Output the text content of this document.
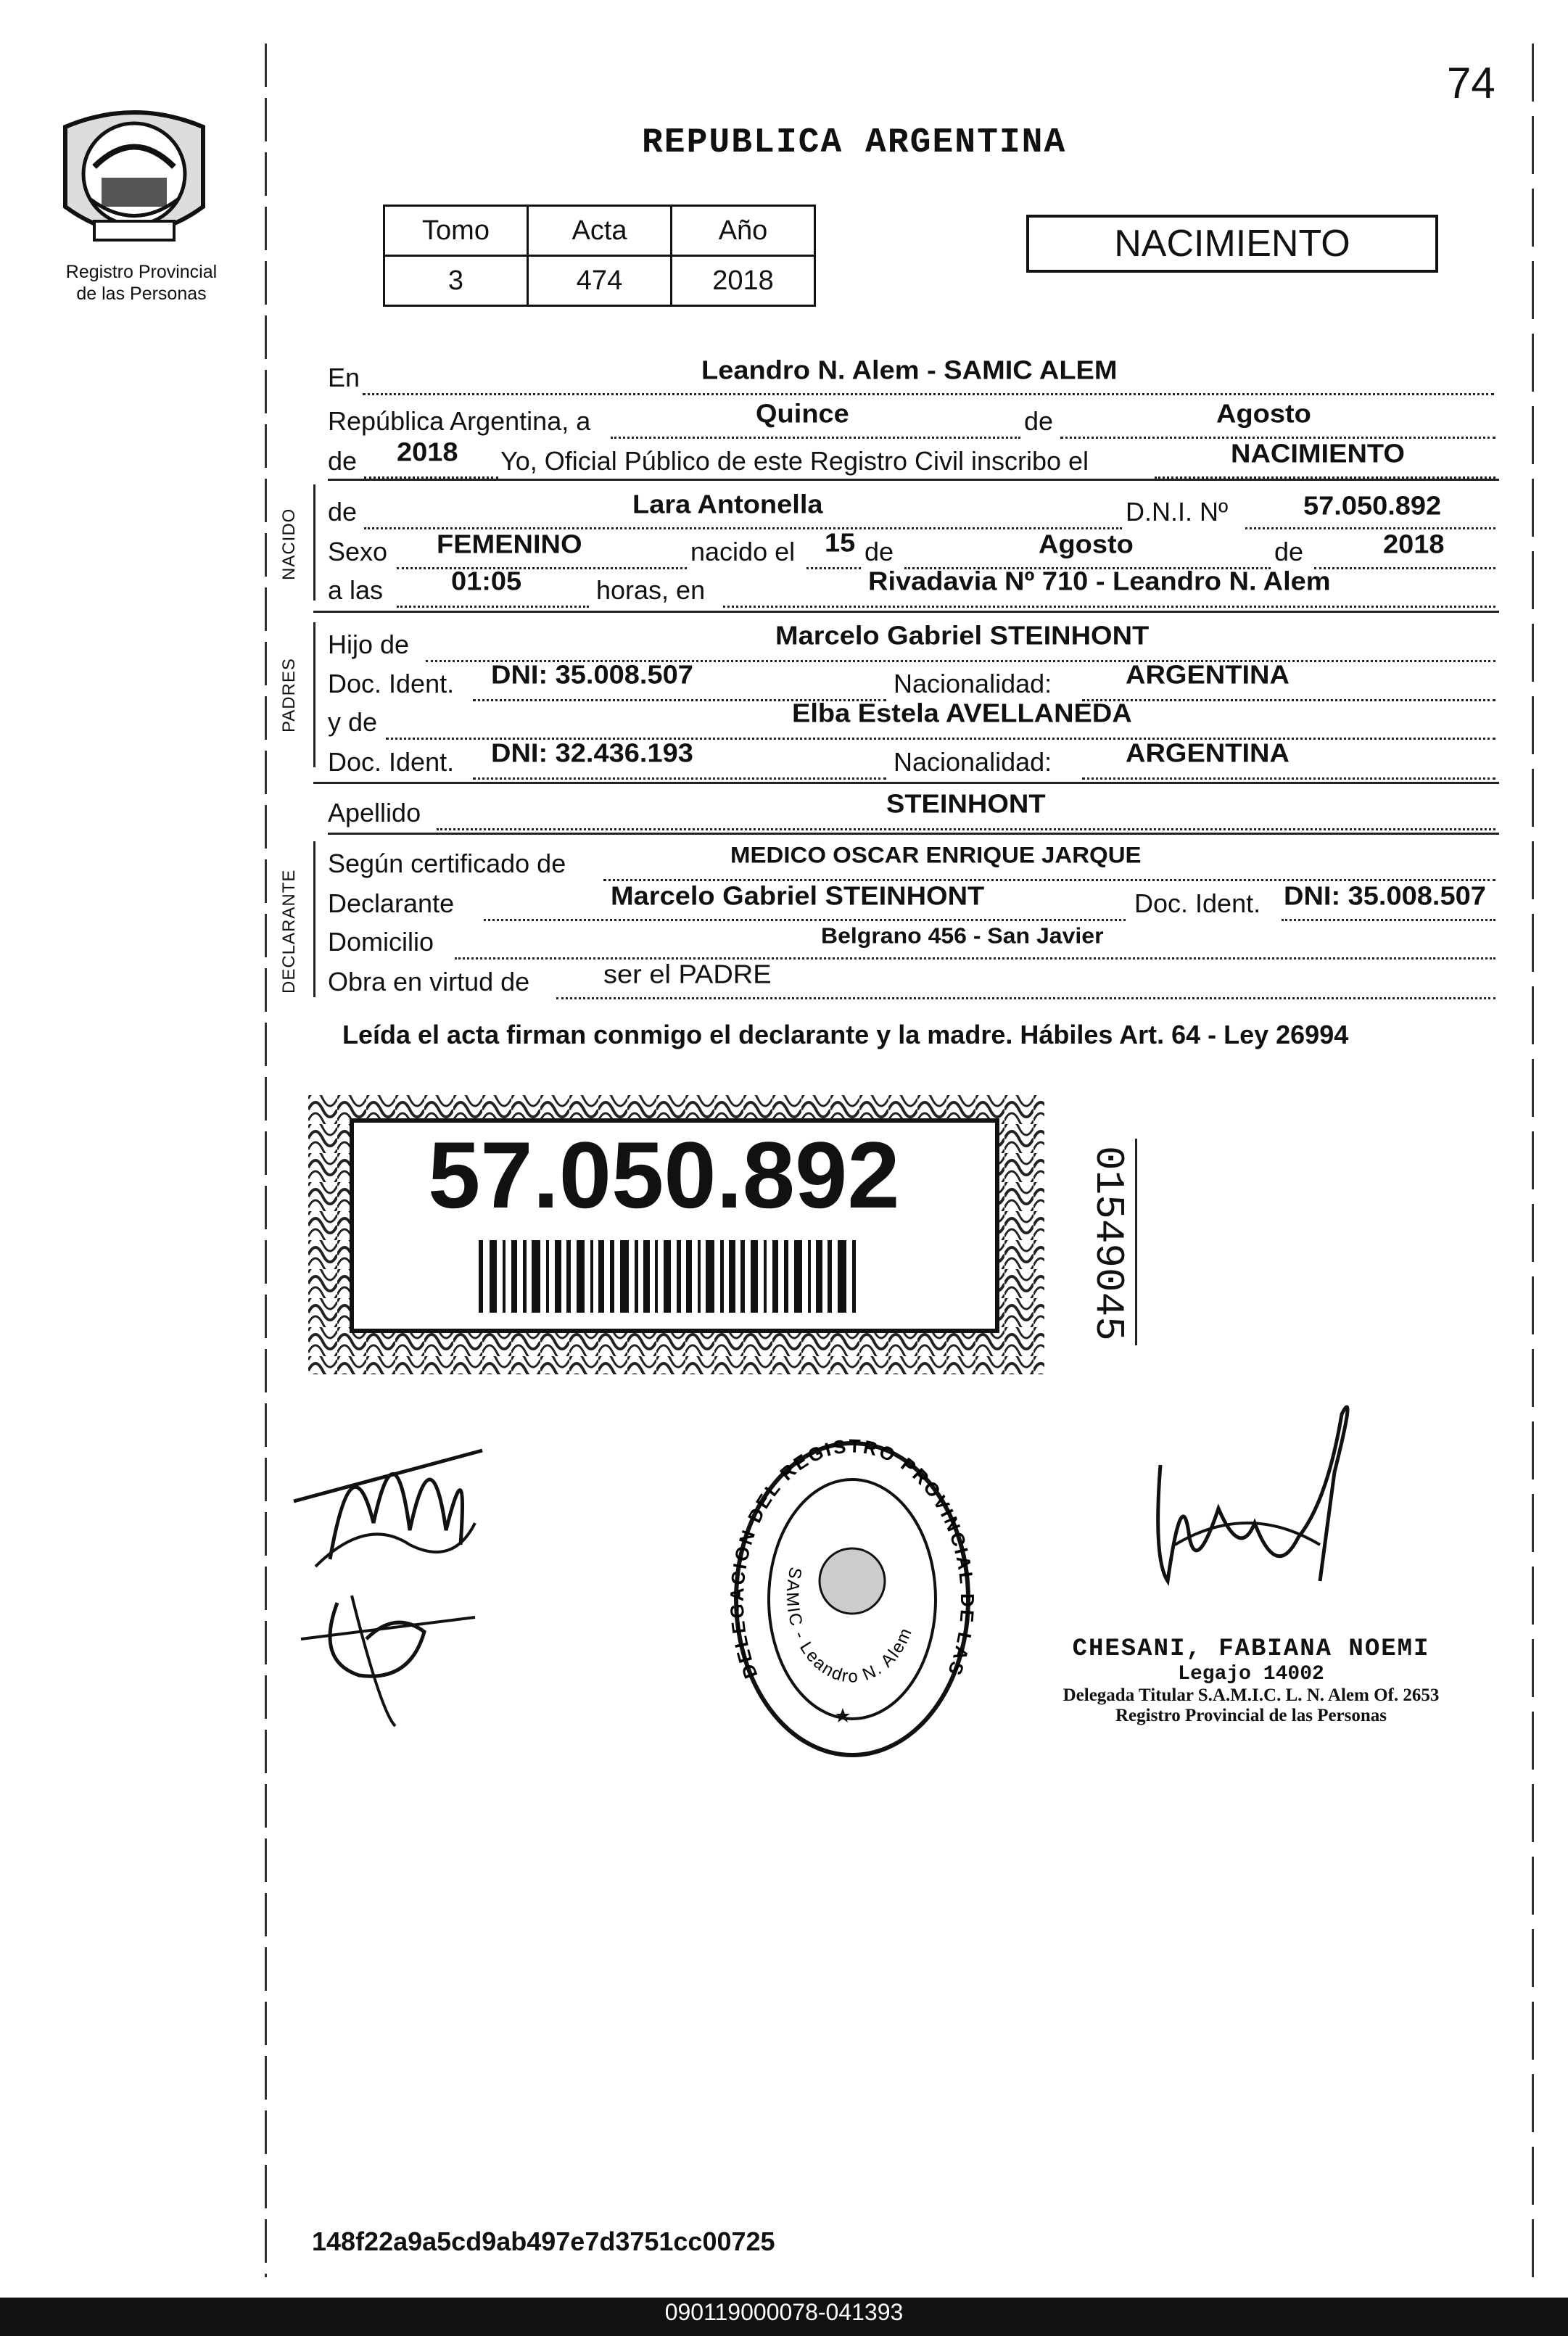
74
Registro Provincial
de las Personas
REPUBLICA ARGENTINA
Tomo	Acta	Año
3	474	2018
NACIMIENTO
NACIDO
PADRES
DECLARANTE
En	Leandro N. Alem - SAMIC ALEM
República Argentina, a	Quince	de	Agosto
de 2018 Yo, Oficial Público de este Registro Civil inscribo el	NACIMIENTO
de	Lara Antonella	D.N.I. Nº	57.050.892
Sexo FEMENINO	nacido el 15 de	Agosto	de	2018
a las 01:05	horas, en	Rivadavia Nº 710 - Leandro N. Alem
Hijo de	Marcelo Gabriel STEINHONT
Doc. Ident. DNI: 35.008.507	Nacionalidad:	ARGENTINA
y de	Elba Estela AVELLANEDA
Doc. Ident. DNI: 32.436.193	Nacionalidad:	ARGENTINA
Apellido	STEINHONT
Según certificado de	MEDICO OSCAR ENRIQUE JARQUE
Declarante	Marcelo Gabriel STEINHONT	Doc. Ident. DNI: 35.008.507
Domicilio	Belgrano 456 - San Javier
Obra en virtud de	ser el PADRE
Leída el acta firman conmigo el declarante y la madre. Hábiles Art. 64 - Ley 26994
57.050.892	01549045
DELE CION DEL REGISTRO PROVINCIA LAS
SAMIC - Leandro N. Alem
CHESANI, FABIANA NOEMI
Legajo 14002
Delegada Titular S.A.M.I.C. L. N. Alem Of. 2653
Registro Provincial de las Personas
148f22a9a5cd9ab497e7d3751cc00725
090119000078-041393
